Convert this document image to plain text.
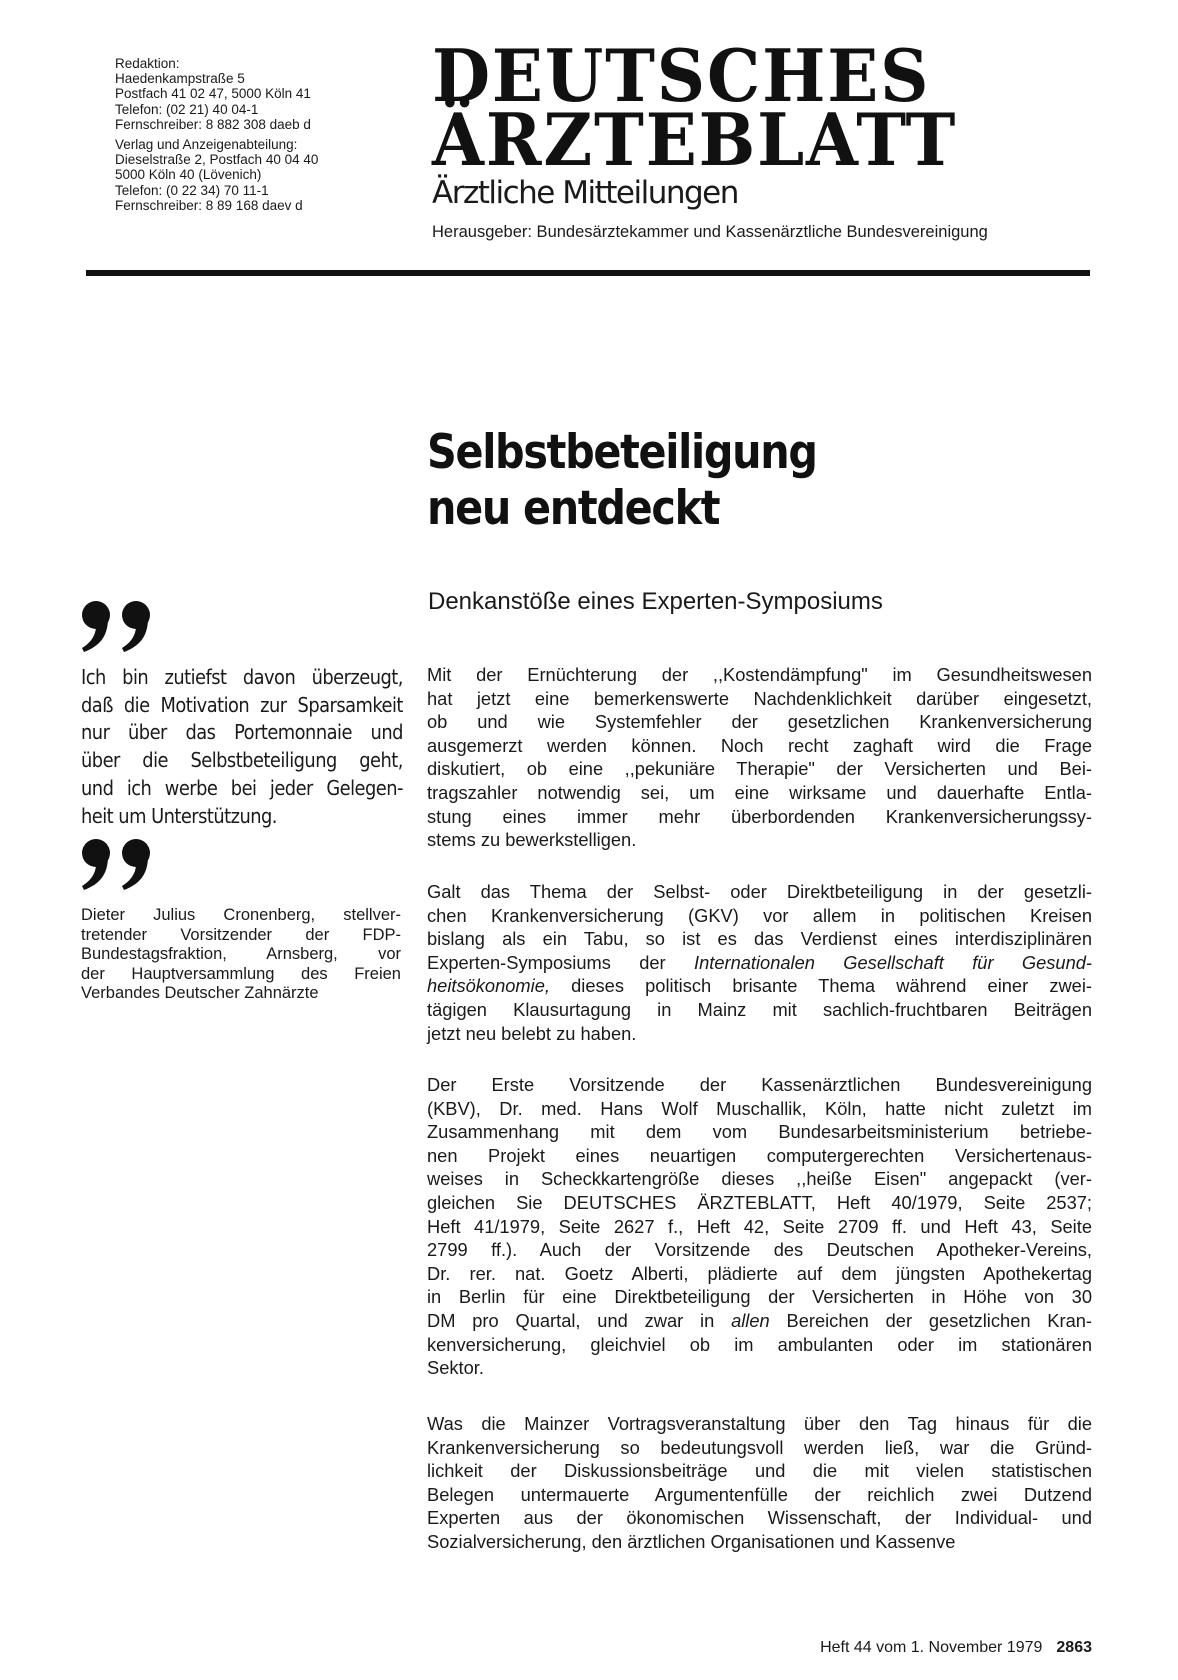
Redaktion:
Haedenkampstraße 5
Postfach 41 02 47, 5000 Köln 41
Telefon: (02 21) 40 04-1
Fernschreiber: 8 882 308 daeb d
Verlag und Anzeigenabteilung:
Dieselstraße 2, Postfach 40 04 40
5000 Köln 40 (Lövenich)
Telefon: (0 22 34) 70 11-1
Fernschreiber: 8 89 168 daev d
DEUTSCHES
ÄRZTEBLATT
Ärztliche Mitteilungen
Herausgeber: Bundesärztekammer und Kassenärztliche Bundesvereinigung
Selbstbeteiligung
neu entdeckt
Denkanstöße eines Experten-Symposiums
Ich bin zutiefst davon überzeugt,
daß die Motivation zur Sparsamkeit
nur über das Portemonnaie und
über die Selbstbeteiligung geht,
und ich werbe bei jeder Gelegen-
heit um Unterstützung.
Dieter Julius Cronenberg, stellver-
tretender Vorsitzender der FDP-
Bundestagsfraktion, Arnsberg, vor
der Hauptversammlung des Freien
Verbandes Deutscher Zahnärzte
Mit der Ernüchterung der ,,Kostendämpfung" im Gesundheitswesen
hat jetzt eine bemerkenswerte Nachdenklichkeit darüber eingesetzt,
ob und wie Systemfehler der gesetzlichen Krankenversicherung
ausgemerzt werden können. Noch recht zaghaft wird die Frage
diskutiert, ob eine ,,pekuniäre Therapie" der Versicherten und Bei-
tragszahler notwendig sei, um eine wirksame und dauerhafte Entla-
stung eines immer mehr überbordenden Krankenversicherungssy-
stems zu bewerkstelligen.
Galt das Thema der Selbst- oder Direktbeteiligung in der gesetzli-
chen Krankenversicherung (GKV) vor allem in politischen Kreisen
bislang als ein Tabu, so ist es das Verdienst eines interdisziplinären
Experten-Symposiums der Internationalen Gesellschaft für Gesund-
heitsökonomie, dieses politisch brisante Thema während einer zwei-
tägigen Klausurtagung in Mainz mit sachlich-fruchtbaren Beiträgen
jetzt neu belebt zu haben.
Der Erste Vorsitzende der Kassenärztlichen Bundesvereinigung
(KBV), Dr. med. Hans Wolf Muschallik, Köln, hatte nicht zuletzt im
Zusammenhang mit dem vom Bundesarbeitsministerium betriebe-
nen Projekt eines neuartigen computergerechten Versichertenaus-
weises in Scheckkartengröße dieses ,,heiße Eisen" angepackt (ver-
gleichen Sie DEUTSCHES ÄRZTEBLATT, Heft 40/1979, Seite 2537;
Heft 41/1979, Seite 2627 f., Heft 42, Seite 2709 ff. und Heft 43, Seite
2799 ff.). Auch der Vorsitzende des Deutschen Apotheker-Vereins,
Dr. rer. nat. Goetz Alberti, plädierte auf dem jüngsten Apothekertag
in Berlin für eine Direktbeteiligung der Versicherten in Höhe von 30
DM pro Quartal, und zwar in allen Bereichen der gesetzlichen Kran-
kenversicherung, gleichviel ob im ambulanten oder im stationären
Sektor.
Was die Mainzer Vortragsveranstaltung über den Tag hinaus für die
Krankenversicherung so bedeutungsvoll werden ließ, war die Gründ-
lichkeit der Diskussionsbeiträge und die mit vielen statistischen
Belegen untermauerte Argumentenfülle der reichlich zwei Dutzend
Experten aus der ökonomischen Wissenschaft, der Individual- und
Sozialversicherung, den ärztlichen Organisationen und Kassenve
Heft 44 vom 1. November 1979 2863
